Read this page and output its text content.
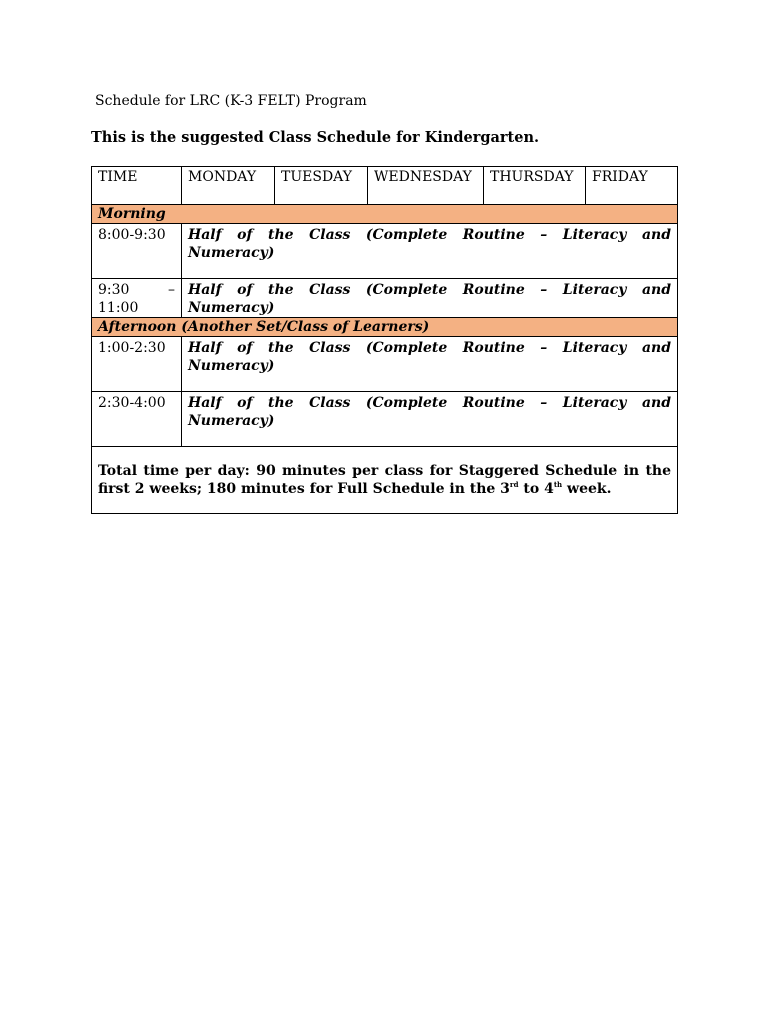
Schedule for LRC (K-3 FELT) Program
This is the suggested Class Schedule for Kindergarten.
TIME	MONDAY	TUESDAY	WEDNESDAY	THURSDAY	FRIDAY
Morning					
8:00-9:30	Half of the Class (Complete Routine – Literacy and Numeracy)				
9:30 – 11:00	Half of the Class (Complete Routine – Literacy and Numeracy)				
Afternoon (Another Set/Class of Learners)					
1:00-2:30	Half of the Class (Complete Routine – Literacy and Numeracy)				
2:30-4:00	Half of the Class (Complete Routine – Literacy and Numeracy)				
Total time per day: 90 minutes per class for Staggered Schedule in the first 2 weeks; 180 minutes for Full Schedule in the 3rd to 4th week.					
